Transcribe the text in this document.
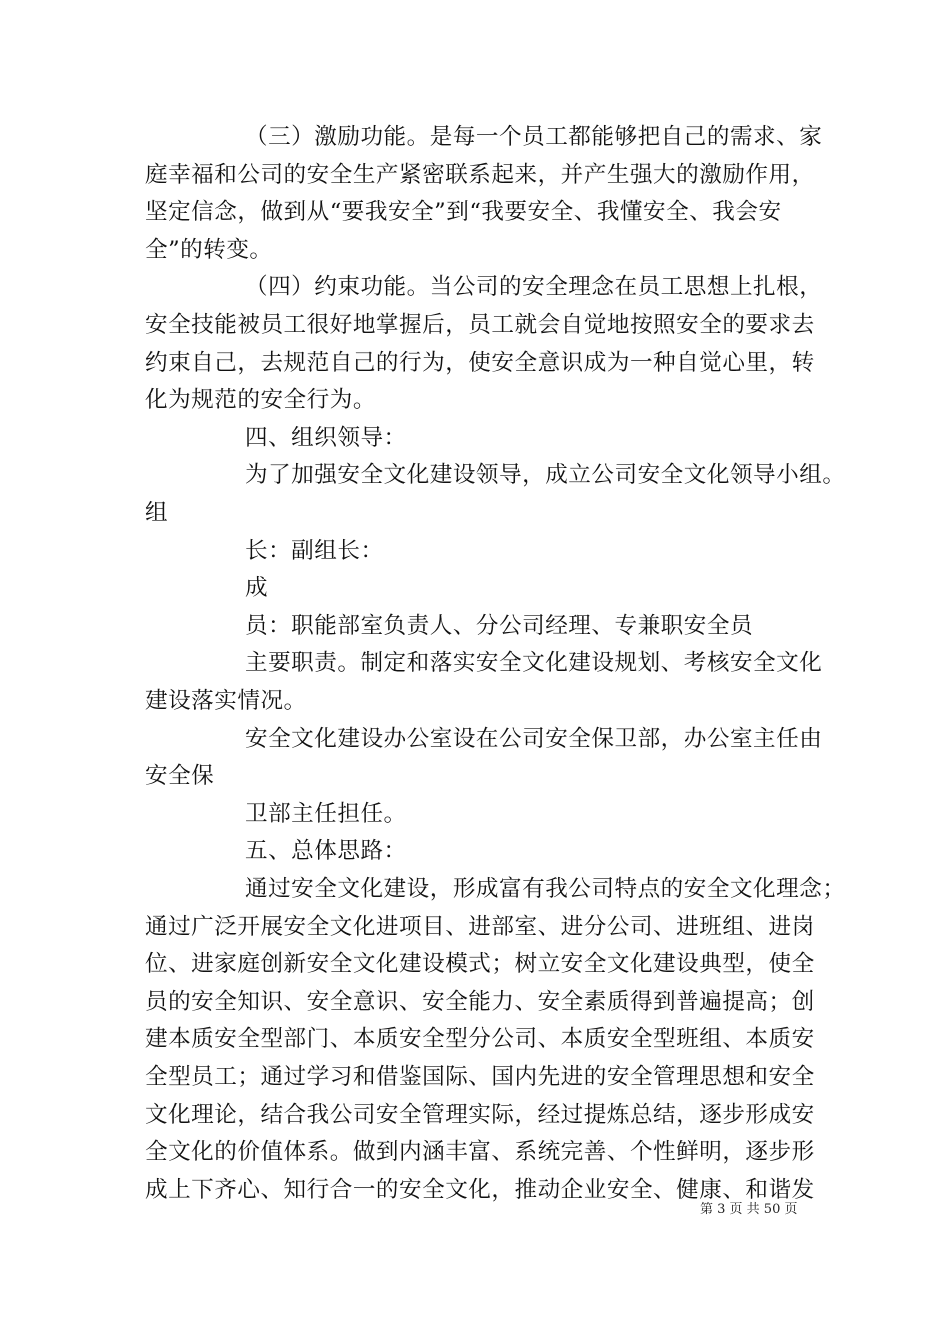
（三）激励功能。是每一个员工都能够把自己的需求、家
庭幸福和公司的安全生产紧密联系起来，并产生强大的激励作用，
坚定信念，做到从“要我安全”到“我要安全、我懂安全、我会安
全”的转变。
（四）约束功能。当公司的安全理念在员工思想上扎根，
安全技能被员工很好地掌握后，员工就会自觉地按照安全的要求去
约束自己，去规范自己的行为，使安全意识成为一种自觉心里，转
化为规范的安全行为。
四、组织领导：
为了加强安全文化建设领导，成立公司安全文化领导小组。
组
长：副组长：
成
员：职能部室负责人、分公司经理、专兼职安全员
主要职责。制定和落实安全文化建设规划、考核安全文化
建设落实情况。
安全文化建设办公室设在公司安全保卫部，办公室主任由
安全保
卫部主任担任。
五、总体思路：
通过安全文化建设，形成富有我公司特点的安全文化理念；
通过广泛开展安全文化进项目、进部室、进分公司、进班组、进岗
位、进家庭创新安全文化建设模式；树立安全文化建设典型，使全
员的安全知识、安全意识、安全能力、安全素质得到普遍提高；创
建本质安全型部门、本质安全型分公司、本质安全型班组、本质安
全型员工；通过学习和借鉴国际、国内先进的安全管理思想和安全
文化理论，结合我公司安全管理实际，经过提炼总结，逐步形成安
全文化的价值体系。做到内涵丰富、系统完善、个性鲜明，逐步形
成上下齐心、知行合一的安全文化，推动企业安全、健康、和谐发
第 3 页 共 50 页
